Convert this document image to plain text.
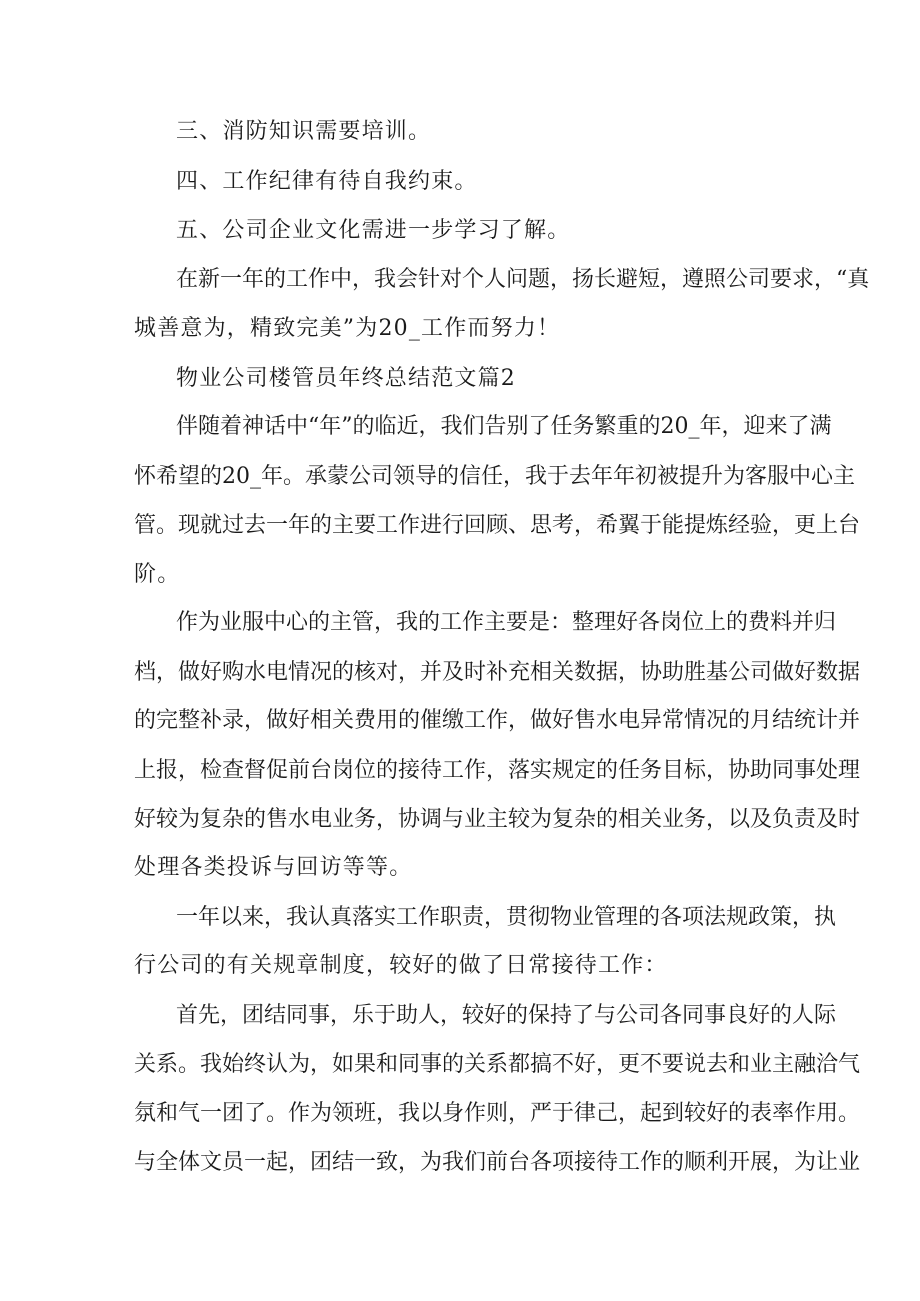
三、消防知识需要培训。

四、工作纪律有待自我约束。

五、公司企业文化需进一步学习了解。

在新一年的工作中，我会针对个人问题，扬长避短，遵照公司要求，“真

城善意为，精致完美”为20_工作而努力！

物业公司楼管员年终总结范文篇2

伴随着神话中“年”的临近，我们告别了任务繁重的20_年，迎来了满

怀希望的20_年。承蒙公司领导的信任，我于去年年初被提升为客服中心主

管。现就过去一年的主要工作进行回顾、思考，希翼于能提炼经验，更上台

阶。

作为业服中心的主管，我的工作主要是：整理好各岗位上的费料并归

档，做好购水电情况的核对，并及时补充相关数据，协助胜基公司做好数据

的完整补录，做好相关费用的催缴工作，做好售水电异常情况的月结统计并

上报，检查督促前台岗位的接待工作，落实规定的任务目标，协助同事处理

好较为复杂的售水电业务，协调与业主较为复杂的相关业务，以及负责及时

处理各类投诉与回访等等。

一年以来，我认真落实工作职责，贯彻物业管理的各项法规政策，执

行公司的有关规章制度，较好的做了日常接待工作：

首先，团结同事，乐于助人，较好的保持了与公司各同事良好的人际

关系。我始终认为，如果和同事的关系都搞不好，更不要说去和业主融洽气

氛和气一团了。作为领班，我以身作则，严于律己，起到较好的表率作用。

与全体文员一起，团结一致，为我们前台各项接待工作的顺利开展，为让业
